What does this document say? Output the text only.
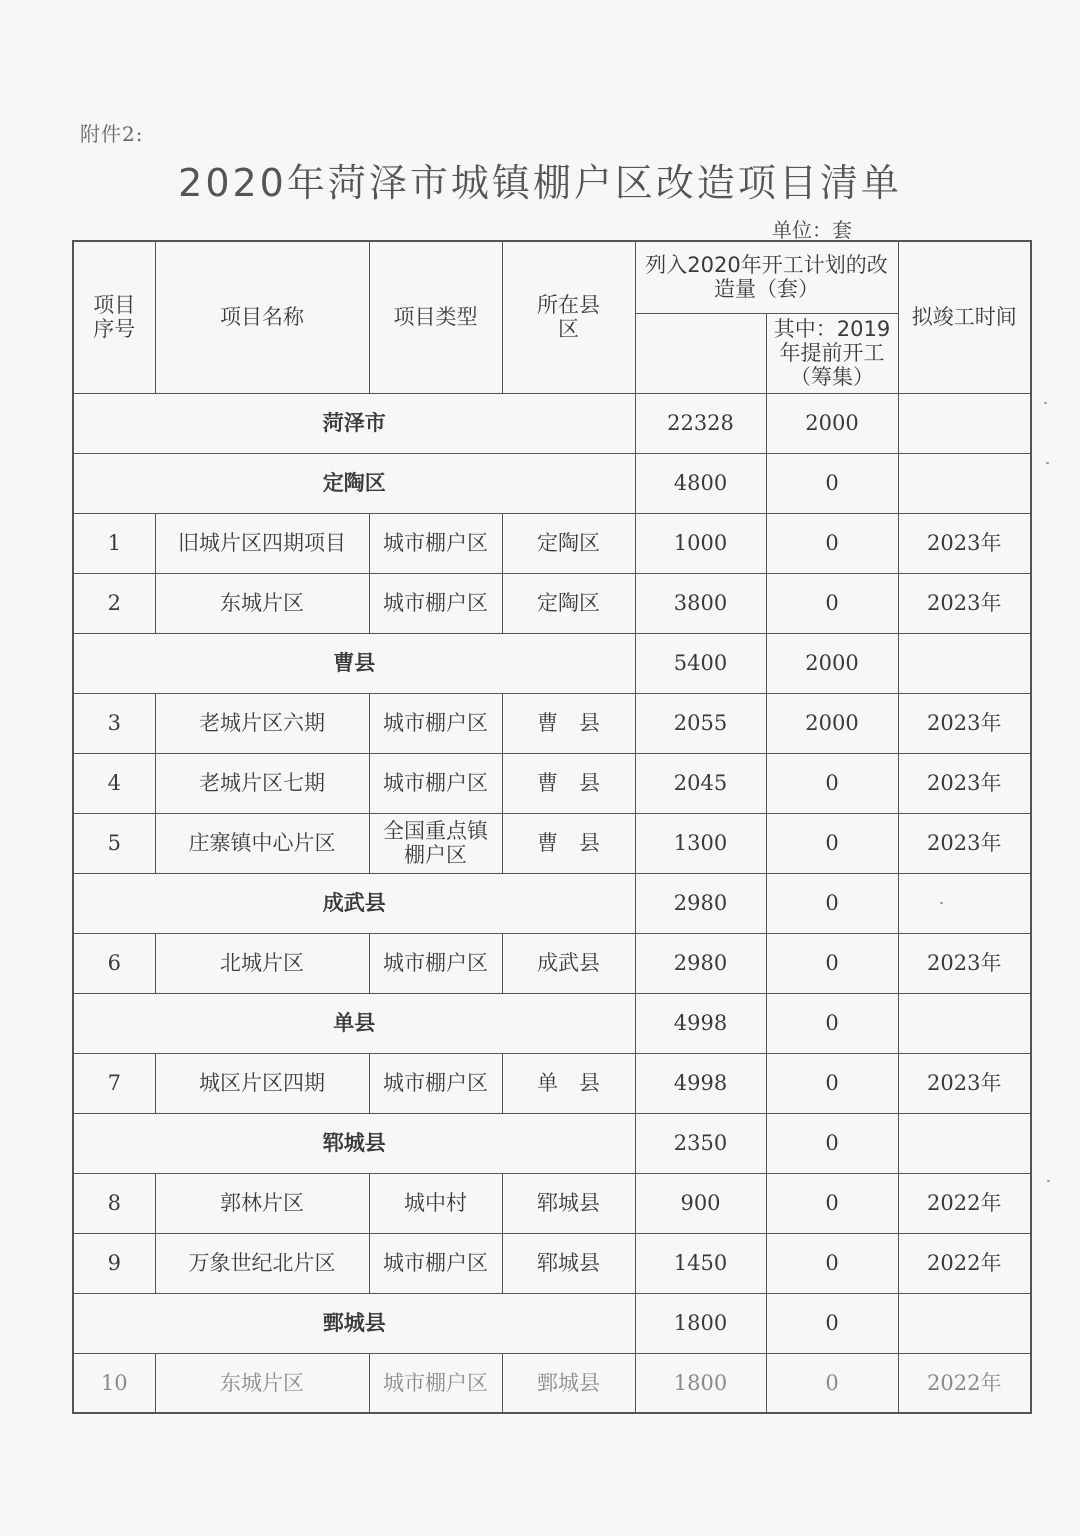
附件2:
2020年菏泽市城镇棚户区改造项目清单
单位：套
项目序号	项目名称	项目类型	所在县区	列入2020年开工计划的改造量（套）		拟竣工时间
					其中：2019年提前开工（筹集）	
菏泽市				22328	2000	
定陶区				4800	0	
1	旧城片区四期项目	城市棚户区	定陶区	1000	0	2023年
2	东城片区	城市棚户区	定陶区	3800	0	2023年
曹县				5400	2000	
3	老城片区六期	城市棚户区	曹　县	2055	2000	2023年
4	老城片区七期	城市棚户区	曹　县	2045	0	2023年
5	庄寨镇中心片区	全国重点镇棚户区	曹　县	1300	0	2023年
成武县				2980	0	
6	北城片区	城市棚户区	成武县	2980	0	2023年
单县				4998	0	
7	城区片区四期	城市棚户区	单　县	4998	0	2023年
郓城县				2350	0	
8	郭林片区	城中村	郓城县	900	0	2022年
9	万象世纪北片区	城市棚户区	郓城县	1450	0	2022年
鄄城县				1800	0	
10	东城片区	城市棚户区	鄄城县	1800	0	2022年
